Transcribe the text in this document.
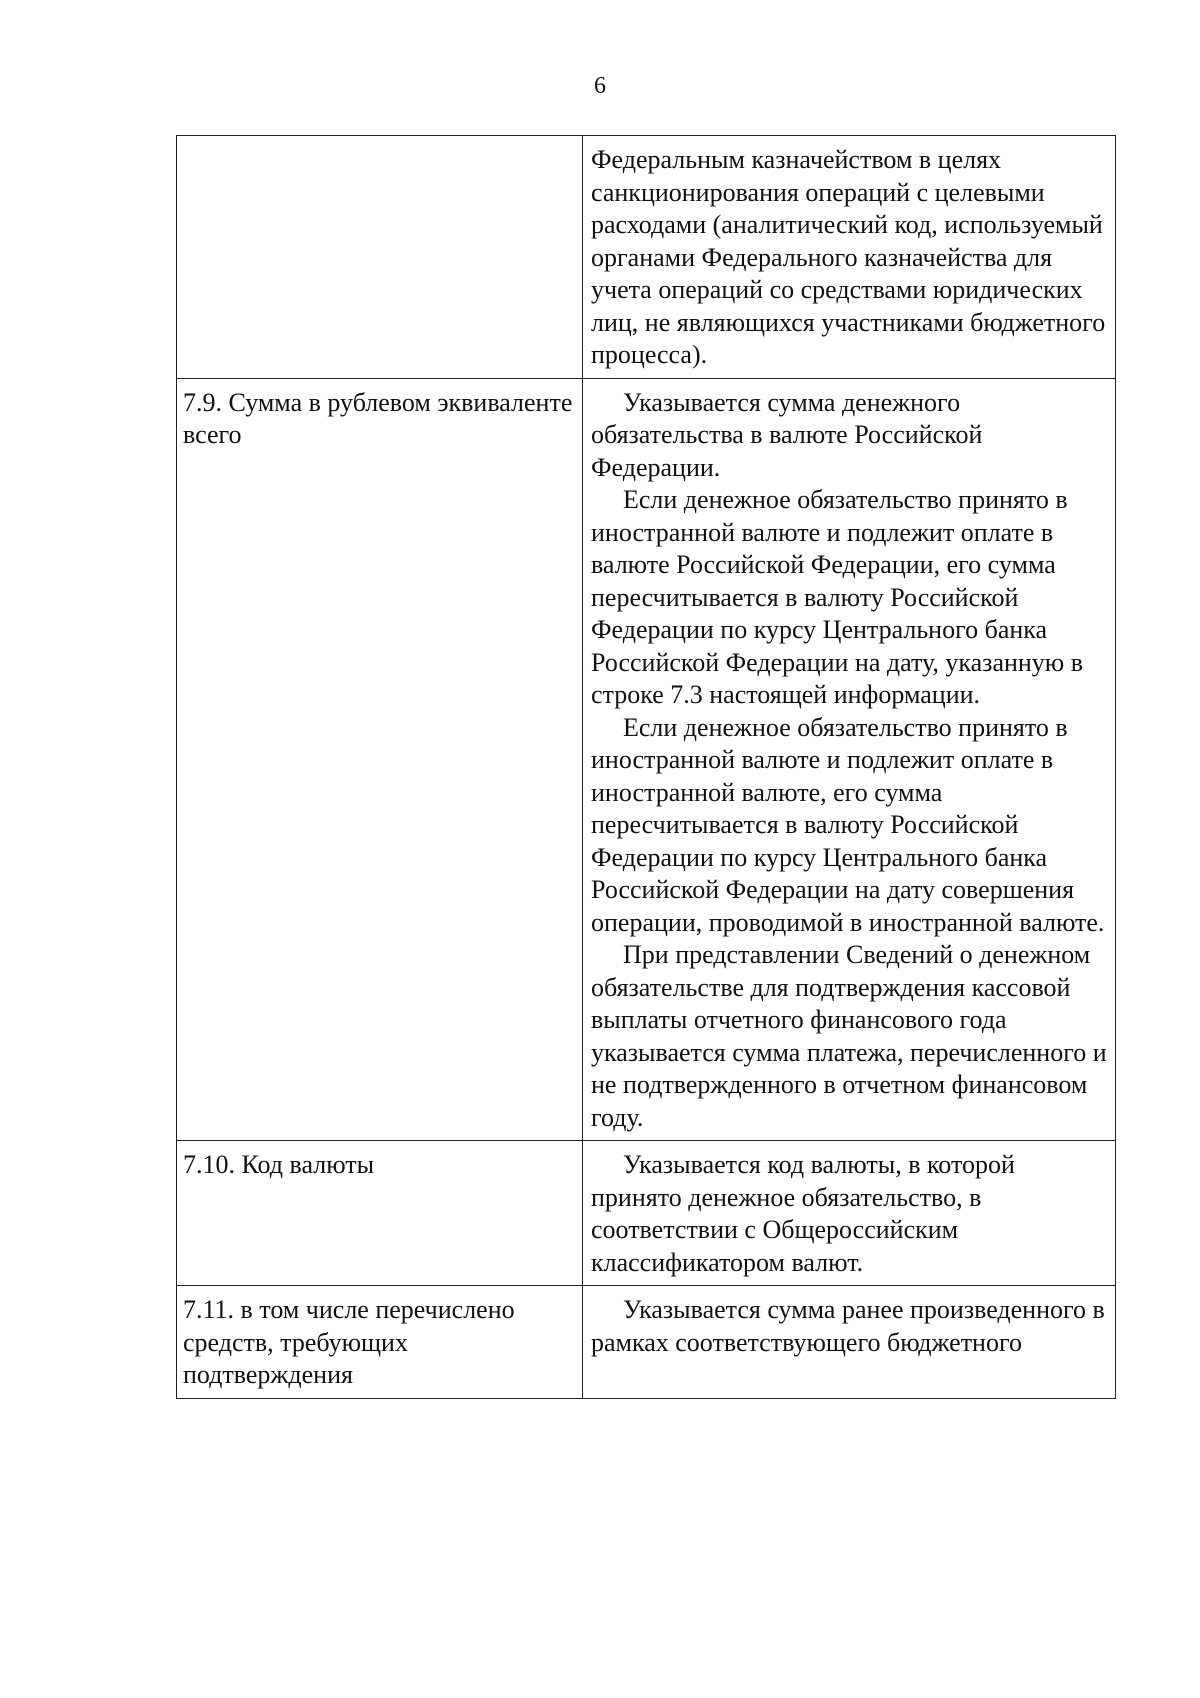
6

	Федеральным казначейством в целях санкционирования операций с целевыми расходами (аналитический код, используемый органами Федерального казначейства для учета операций со средствами юридических лиц, не являющихся участниками бюджетного процесса).

7.9. Сумма в рублевом эквиваленте всего	Указывается сумма денежного обязательства в валюте Российской Федерации.

Если денежное обязательство принято в иностранной валюте и подлежит оплате в валюте Российской Федерации, его сумма пересчитывается в валюту Российской Федерации по курсу Центрального банка Российской Федерации на дату, указанную в строке 7.3 настоящей информации.

Если денежное обязательство принято в иностранной валюте и подлежит оплате в иностранной валюте, его сумма пересчитывается в валюту Российской Федерации по курсу Центрального банка Российской Федерации на дату совершения операции, проводимой в иностранной валюте.

При представлении Сведений о денежном обязательстве для подтверждения кассовой выплаты отчетного финансового года указывается сумма платежа, перечисленного и не подтвержденного в отчетном финансовом году.

7.10. Код валюты	Указывается код валюты, в которой принято денежное обязательство, в соответствии с Общероссийским классификатором валют.

7.11. в том числе перечислено средств, требующих подтверждения	Указывается сумма ранее произведенного в рамках соответствующего бюджетного
